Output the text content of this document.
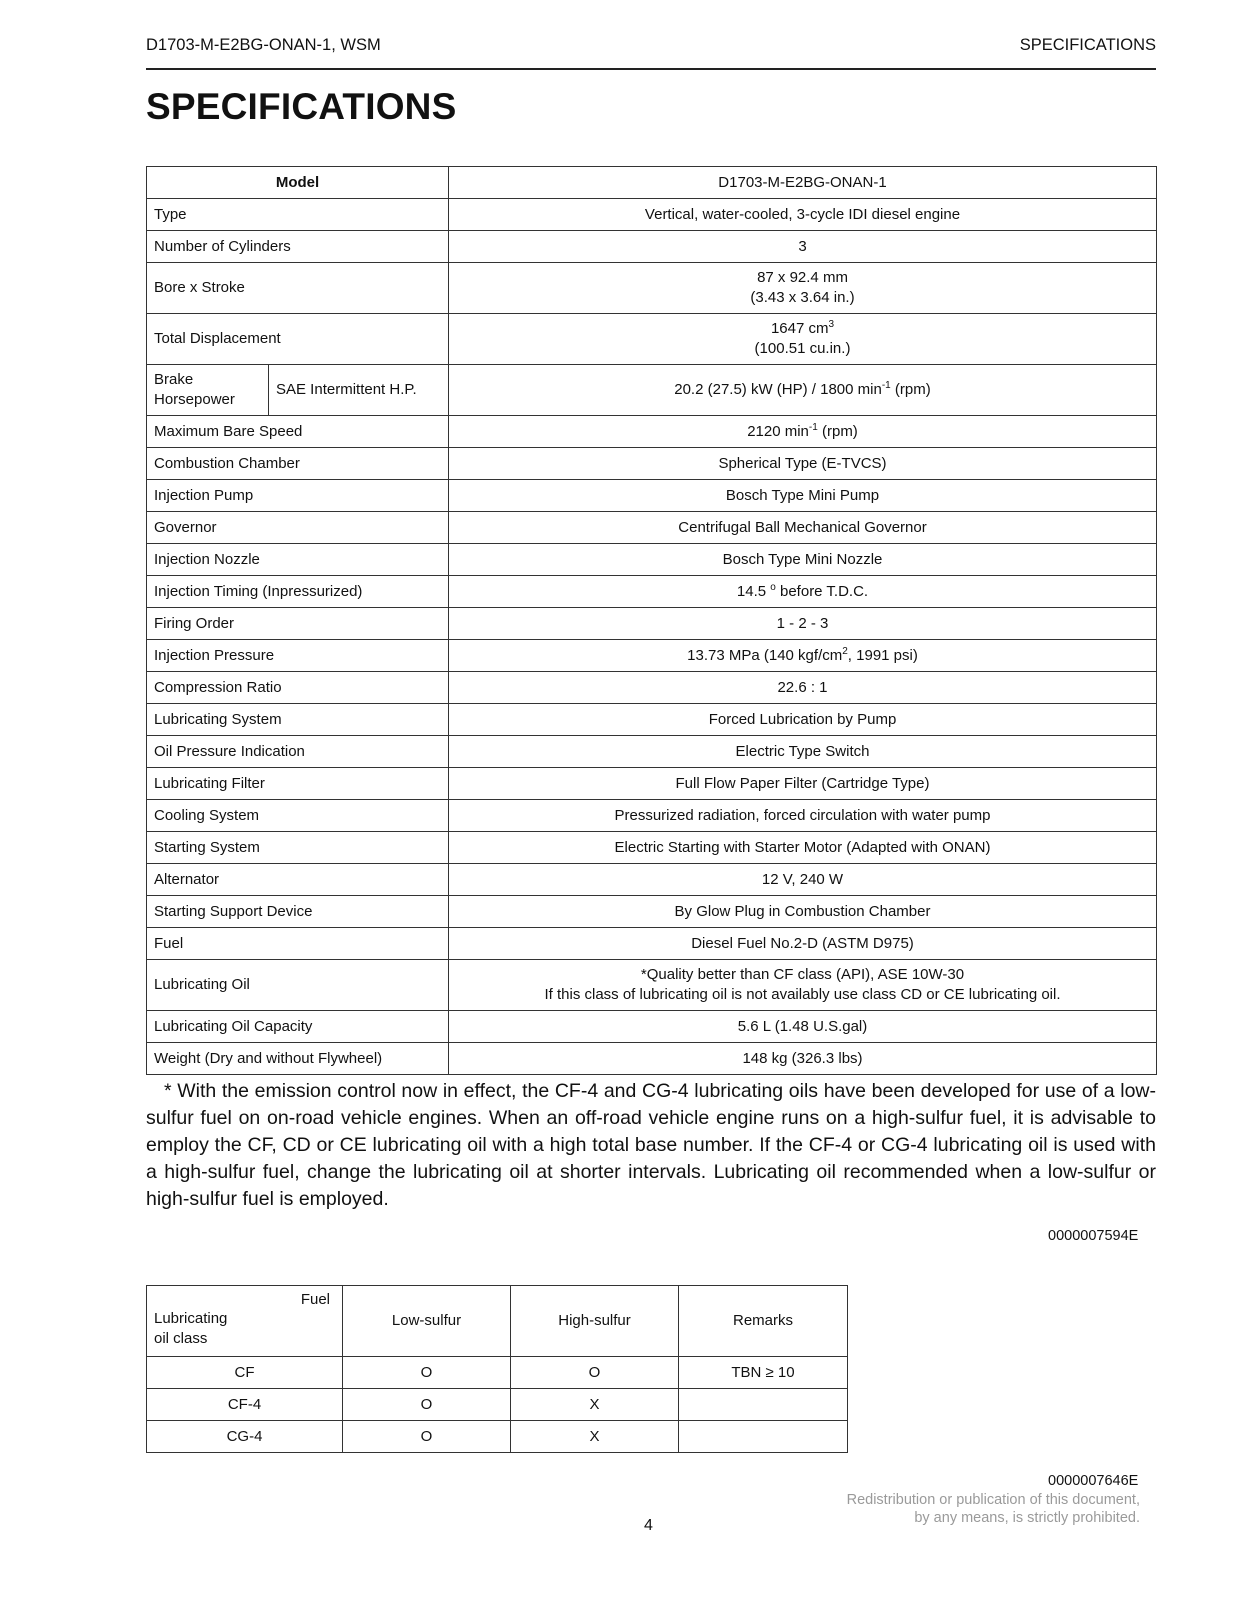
D1703-M-E2BG-ONAN-1, WSM	SPECIFICATIONS
SPECIFICATIONS
Model		D1703-M-E2BG-ONAN-1
Type		Vertical, water-cooled, 3-cycle IDI diesel engine
Number of Cylinders		3
Bore x Stroke		87 x 92.4 mm
(3.43 x 3.64 in.)
Total Displacement		1647 $cm^3$
(100.51 cu.in.)
Brake Horsepower	SAE Intermittent H.P.	20.2 (27.5) kW (HP) / 1800 $\min^{-1} (rpm)$
Maximum Bare Speed		2120 $\min^{-1} (rpm)$
Combustion Chamber		Spherical Type (E-TVCS)
Injection Pump		Bosch Type Mini Pump
Governor		Centrifugal Ball Mechanical Governor
Injection Nozzle		Bosch Type Mini Nozzle
Injection Timing (Inpressurized)		14.5 $^o$ before T.D.C.
Firing Order		1 - 2 - 3
Injection Pressure		13.73 MPa (140 kgf/$cm^2$, 1991 psi)
Compression Ratio		22.6 : 1
Lubricating System		Forced Lubrication by Pump
Oil Pressure Indication		Electric Type Switch
Lubricating Filter		Full Flow Paper Filter (Cartridge Type)
Cooling System		Pressurized radiation, forced circulation with water pump
Starting System		Electric Starting with Starter Motor (Adapted with ONAN)
Alternator		12 V, 240 W
Starting Support Device		By Glow Plug in Combustion Chamber
Fuel		Diesel Fuel No.2-D (ASTM D975)
Lubricating Oil		*Quality better than CF class (API), ASE 10W-30
If this class of lubricating oil is not availably use class CD or CE lubricating oil.
Lubricating Oil Capacity		5.6 L (1.48 U.S.gal)
Weight (Dry and without Flywheel)		148 kg (326.3 lbs)

* With the emission control now in effect, the CF-4 and CG-4 lubricating oils have been developed for use of a low-sulfur fuel on on-road vehicle engines. When an off-road vehicle engine runs on a high-sulfur fuel, it is advisable to employ the CF, CD or CE lubricating oil with a high total base number. If the CF-4 or CG-4 lubricating oil is used with a high-sulfur fuel, change the lubricating oil at shorter intervals. Lubricating oil recommended when a low-sulfur or high-sulfur fuel is employed.

0000007594E
Fuel
Lubricating
oil class	Low-sulfur	High-sulfur	Remarks
CF	O	O	TBN ≥ 10
CF-4	O	X	
CG-4	O	X	
0000007646E
Redistribution or publication of this document,
by any means, is strictly prohibited.
4
